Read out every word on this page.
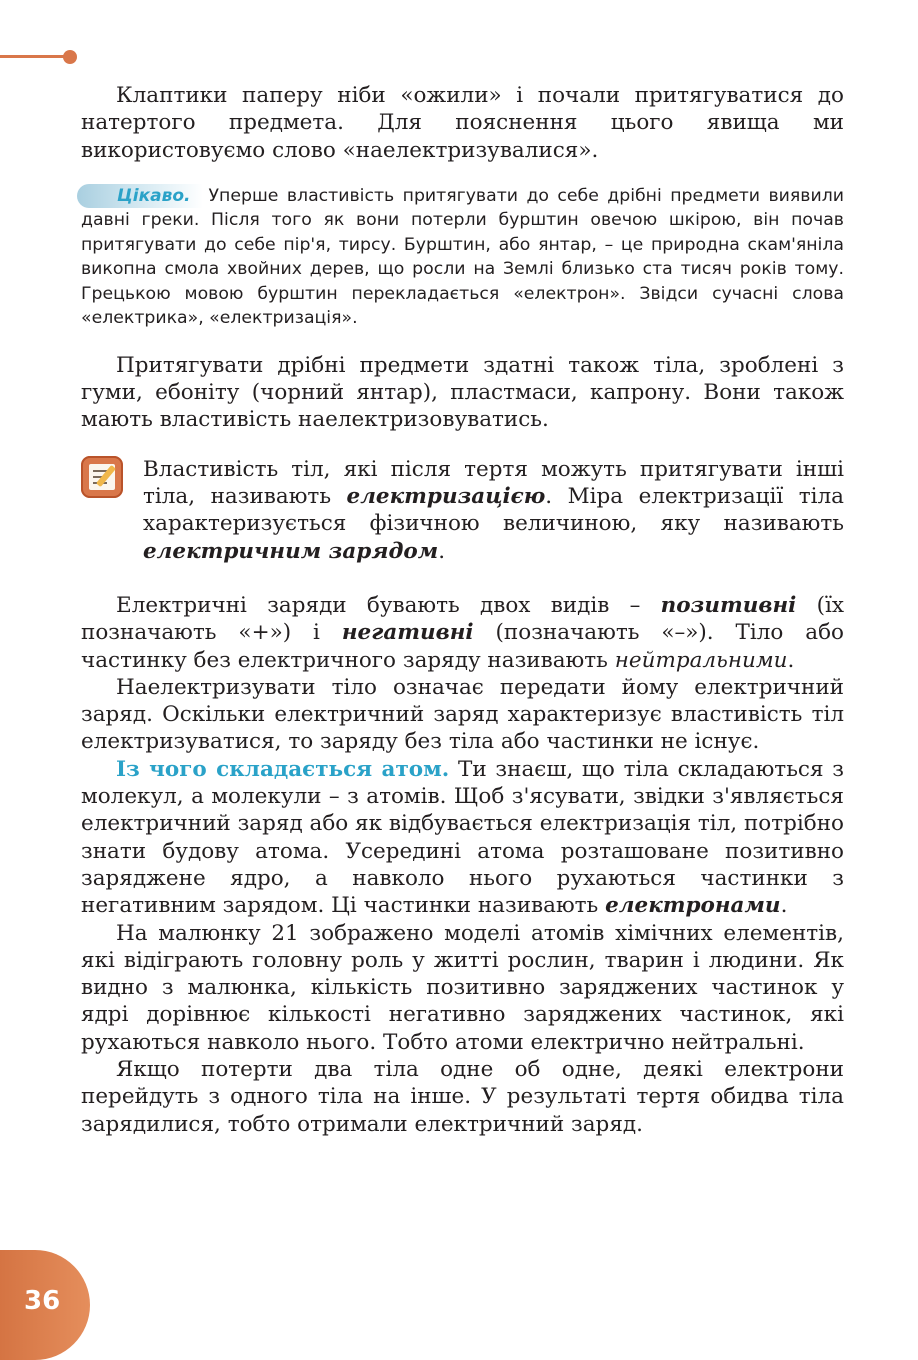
Клаптики паперу ніби «ожили» і почали притягуватися до натертого предмета. Для пояснення цього явища ми використовуємо слово «наелектризувалися».

Цікаво. Уперше властивість притягувати до себе дрібні предмети виявили давні греки. Після того як вони потерли бурштин овечою шкірою, він почав притягувати до себе пір'я, тирсу. Бурштин, або янтар, – це природна скам'яніла викопна смола хвойних дерев, що росли на Землі близько ста тисяч років тому. Грецькою мовою бурштин перекладається «електрон». Звідси сучасні слова «електрика», «електризація».

Притягувати дрібні предмети здатні також тіла, зроблені з гуми, ебоніту (чорний янтар), пластмаси, капрону. Вони також мають властивість наелектризовуватись.

Властивість тіл, які після тертя можуть притягувати інші тіла, називають електризацією. Міра електризації тіла характеризується фізичною величиною, яку називають електричним зарядом.

Електричні заряди бувають двох видів – позитивні (їх позначають «+») і негативні (позначають «–»). Тіло або частинку без електричного заряду називають нейтральними.

Наелектризувати тіло означає передати йому електричний заряд. Оскільки електричний заряд характеризує властивість тіл електризуватися, то заряду без тіла або частинки не існує.

Із чого складається атом. Ти знаєш, що тіла складаються з молекул, а молекули – з атомів. Щоб з'ясувати, звідки з'являється електричний заряд або як відбувається електризація тіл, потрібно знати будову атома. Усередині атома розташоване позитивно заряджене ядро, а навколо нього рухаються частинки з негативним зарядом. Ці частинки називають електронами.

На малюнку 21 зображено моделі атомів хімічних елементів, які відіграють головну роль у житті рослин, тварин і людини. Як видно з малюнка, кількість позитивно заряджених частинок у ядрі дорівнює кількості негативно заряджених частинок, які рухаються навколо нього. Тобто атоми електрично нейтральні.

Якщо потерти два тіла одне об одне, деякі електрони перейдуть з одного тіла на інше. У результаті тертя обидва тіла зарядилися, тобто отримали електричний заряд.

36
